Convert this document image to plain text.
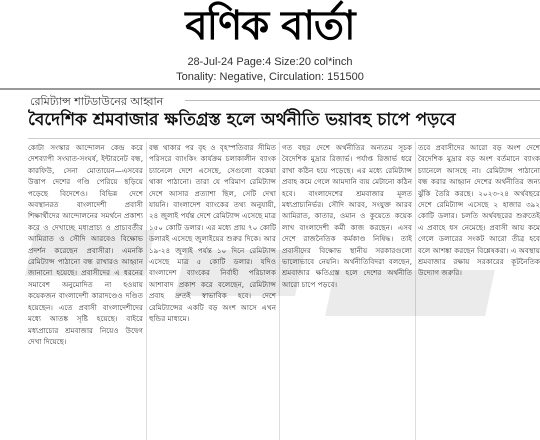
বণিক বার্তা
28-Jul-24 Page:4 Size:20 col*inch
Tonality: Negative, Circulation: 151500
রেমিট্যান্স শাটডাউনের আহ্বান
বৈদেশিক শ্রমবাজার ক্ষতিগ্রস্ত হলে অর্থনীতি ভয়াবহ চাপে পড়বে

কোটা সংস্কার আন্দোলন কেন্দ্র করে দেশব্যাপী সংঘাত-সংঘর্ষ, ইন্টারনেট বন্ধ, কারফিউ, সেনা মোতায়েন—এসবের উত্তাপ দেশের গণ্ডি পেরিয়ে ছড়িয়ে পড়েছে বিদেশেও। বিভিন্ন দেশে অবস্থানরত বাংলাদেশী প্রবাসী শিক্ষার্থীদের আন্দোলনের সমর্থনে প্রকাশ্য করে ও দেখাচ্ছে মধ্যপ্রাচ্য ও প্রাচ্যবর্তীর আমিরাত ও সৌদি আরবেও বিক্ষোভ প্রদর্শন করেছেন প্রবাসীরা। এমনকি রেমিট্যান্স পাঠানো বন্ধ রাখারও আহ্বান জানানো হয়েছে। প্রবাসীদের এ ধরনের সমাবেশ অনুমোদিত না হওয়ায় কয়েকজন বাংলাদেশী কারাদণ্ডেও দণ্ডিত হয়েছেন। এতে প্রবাসী বাংলাদেশীদের মধ্যে আতঙ্ক সৃষ্টি হয়েছে। বাইরে মধ্যপ্রাচ্যের শ্রমবাজার নিয়েও উদ্বেগ দেখা দিয়েছে।

বন্ধ থাকার পর বৃহ ও বৃহস্পতিবার সীমিত পরিসরে ব্যাংকিং কার্যক্রম চলাকালীন ব্যাংক চ্যানেলে দেশে এসেছে, সেগুলো বকেয়া থাকা পাঠানো। তারা যে পরিমাণ রেমিট্যান্স দেশে আসার প্রত্যাশা ছিল, সেটি দেখা যায়নি। বাংলাদেশ ব্যাংকের তথ্য অনুযায়ী, ২৪ জুলাই পর্যন্ত দেশে রেমিট্যান্স এসেছে মাত্র ১৫০ কোটি ডলার। এর মধ্যে প্রায় ৭০ কোটি ডলারই এসেছে জুলাইয়ের শুরুর দিকে। আর ১৯-২৪ জুলাই পর্যন্ত ১০ দিনে রেমিট্যান্স এসেছে মাত্র ৫ কোটি ডলার। যদিও বাংলাদেশ ব্যাংকের নির্বাহী পরিচালক আশাবাদ প্রকাশ করে বলেছেন, রেমিট্যান্স প্রবাহ দ্রুতই স্বাভাবিক হবে। দেশে রেমিট্যান্সের একটি বড় অংশ আসে এখন হুন্ডির মাধ্যমে।

গত বছর দেশে অর্থনীতির অন্যতম সূচক বৈদেশিক মুদ্রার রিজার্ভ। পর্যাপ্ত রিজার্ভ ধরে রাখা কঠিন হয়ে পড়েছে। এর মধ্যে রেমিট্যান্স প্রবাহ কমে গেলে আমদানি ব্যয় মেটানো কঠিন হবে। বাংলাদেশের শ্রমবাজার মূলত মধ্যপ্রাচ্যনির্ভর। সৌদি আরব, সংযুক্ত আরব আমিরাত, কাতার, ওমান ও কুয়েতে কয়েক লাখ বাংলাদেশী কর্মী কাজ করছেন। এসব দেশে রাজনৈতিক কর্মকাণ্ড নিষিদ্ধ। তাই প্রবাসীদের বিক্ষোভ স্থানীয় সরকারগুলো ভালোভাবে নেয়নি। অর্থনীতিবিদরা বলছেন, শ্রমবাজার ক্ষতিগ্রস্ত হলে দেশের অর্থনীতি আরো চাপে পড়বে।

তবে প্রবাসীদের আরো বড় অংশ দেশে বৈদেশিক মুদ্রার বড় অংশ বর্তমানে ব্যাংক চ্যানেলে আসছে না। রেমিট্যান্স পাঠানো বন্ধ করার আহ্বান দেশের অর্থনীতির জন্য ঝুঁকি তৈরি করছে। ২০২৩-২৪ অর্থবছরে দেশে রেমিট্যান্স এসেছে ২ হাজার ৩৯২ কোটি ডলার। চলতি অর্থবছরের শুরুতেই এ প্রবাহে ধস নেমেছে। প্রবাসী আয় কমে গেলে ডলারের সংকট আরো তীব্র হবে বলে আশঙ্কা করছেন বিশ্লেষকরা। এ অবস্থায় শ্রমবাজার রক্ষায় সরকারের কূটনৈতিক উদ্যোগ জরুরি।
